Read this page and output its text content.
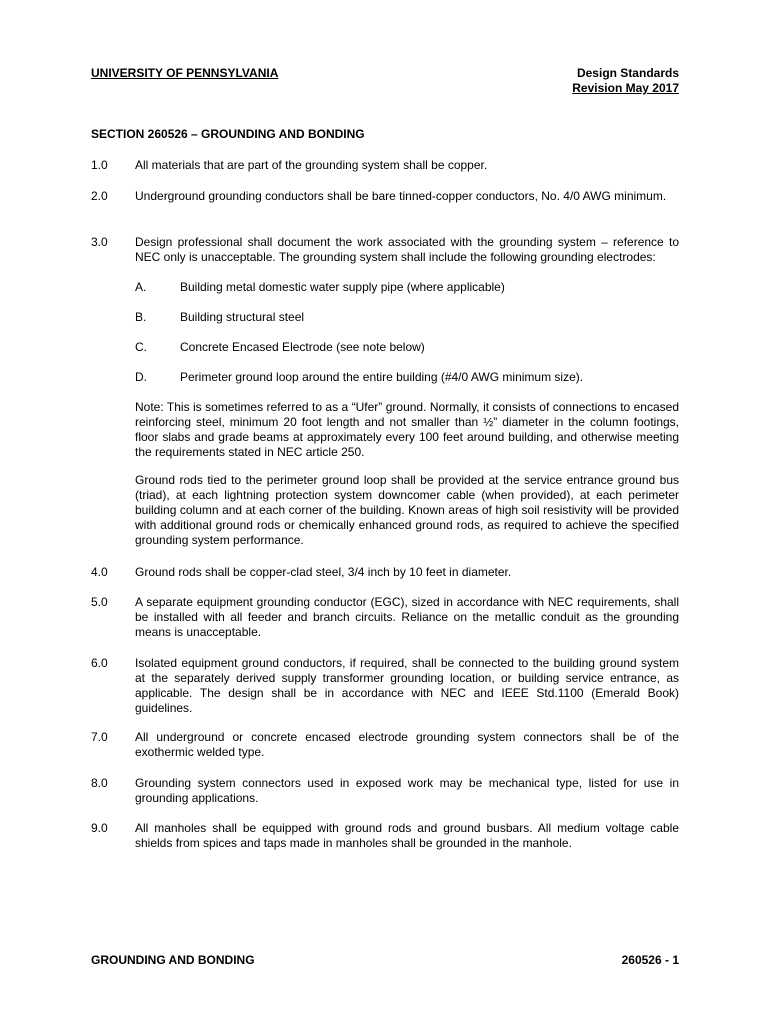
UNIVERSITY OF PENNSYLVANIA	Design Standards
Revision May 2017
SECTION 260526 – GROUNDING AND BONDING
1.0 All materials that are part of the grounding system shall be copper.
2.0 Underground grounding conductors shall be bare tinned-copper conductors, No. 4/0 AWG minimum.
3.0 Design professional shall document the work associated with the grounding system – reference to NEC only is unacceptable. The grounding system shall include the following grounding electrodes:
A.	Building metal domestic water supply pipe (where applicable)
B.	Building structural steel
C.	Concrete Encased Electrode (see note below)
D.	Perimeter ground loop around the entire building (#4/0 AWG minimum size).
Note: This is sometimes referred to as a “Ufer” ground. Normally, it consists of connections to encased reinforcing steel, minimum 20 foot length and not smaller than ½” diameter in the column footings, floor slabs and grade beams at approximately every 100 feet around building, and otherwise meeting the requirements stated in NEC article 250.
Ground rods tied to the perimeter ground loop shall be provided at the service entrance ground bus (triad), at each lightning protection system downcomer cable (when provided), at each perimeter building column and at each corner of the building. Known areas of high soil resistivity will be provided with additional ground rods or chemically enhanced ground rods, as required to achieve the specified grounding system performance.
4.0 Ground rods shall be copper-clad steel, 3/4 inch by 10 feet in diameter.
5.0 A separate equipment grounding conductor (EGC), sized in accordance with NEC requirements, shall be installed with all feeder and branch circuits. Reliance on the metallic conduit as the grounding means is unacceptable.
6.0 Isolated equipment ground conductors, if required, shall be connected to the building ground system at the separately derived supply transformer grounding location, or building service entrance, as applicable. The design shall be in accordance with NEC and IEEE Std.1100 (Emerald Book) guidelines.
7.0 All underground or concrete encased electrode grounding system connectors shall be of the exothermic welded type.
8.0 Grounding system connectors used in exposed work may be mechanical type, listed for use in grounding applications.
9.0 All manholes shall be equipped with ground rods and ground busbars. All medium voltage cable shields from spices and taps made in manholes shall be grounded in the manhole.
GROUNDING AND BONDING	260526 - 1
